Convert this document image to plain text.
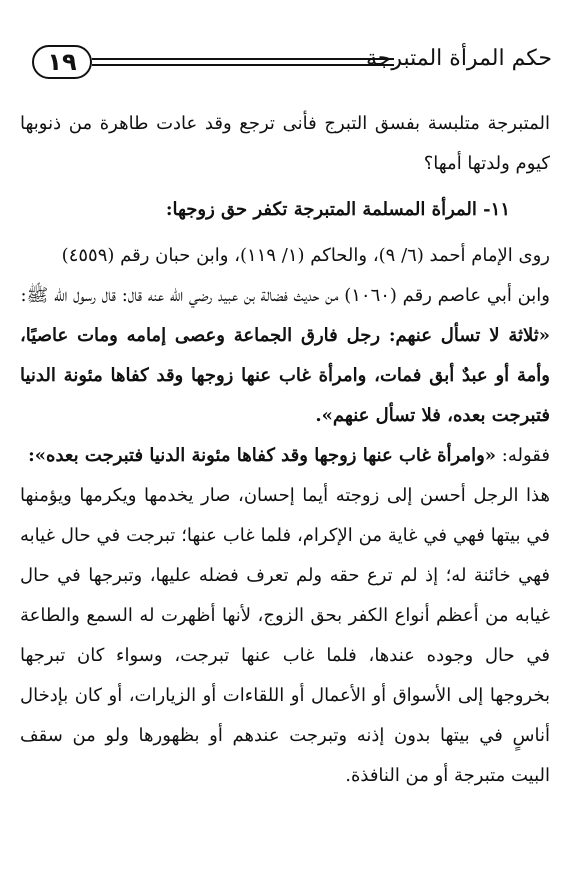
١٩	حكم المرأة المتبرجة

المتبرجة متلبسة بفسق التبرج فأنى ترجع وقد عادت طاهرة من ذنوبها كيوم ولدتها أمها؟

١١- المرأة المسلمة المتبرجة تكفر حق زوجها:

روى الإمام أحمد (٦/ ٩)، والحاكم (١/ ١١٩)، وابن حبان رقم (٤٥٥٩)

وابن أبي عاصم رقم (١٠٦٠) من حديث فضالة بن عبيد رضي الله عنه قال: قال رسول الله ﷺ:

«ثلاثة لا تسأل عنهم: رجل فارق الجماعة وعصى إمامه ومات عاصيًا، وأمة أو عبدٌ أبق فمات، وامرأة غاب عنها زوجها وقد كفاها مئونة الدنيا فتبرجت بعده، فلا تسأل عنهم».

فقوله: «وامرأة غاب عنها زوجها وقد كفاها مئونة الدنيا فتبرجت بعده»:

هذا الرجل أحسن إلى زوجته أيما إحسان، صار يخدمها ويكرمها ويؤمنها في بيتها فهي في غاية من الإكرام، فلما غاب عنها؛ تبرجت في حال غيابه فهي خائنة له؛ إذ لم ترع حقه ولم تعرف فضله عليها، وتبرجها في حال غيابه من أعظم أنواع الكفر بحق الزوج، لأنها أظهرت له السمع والطاعة في حال وجوده عندها، فلما غاب عنها تبرجت، وسواء كان تبرجها بخروجها إلى الأسواق أو الأعمال أو اللقاءات أو الزيارات، أو كان بإدخال أناسٍ في بيتها بدون إذنه وتبرجت عندهم أو بظهورها ولو من سقف البيت متبرجة أو من النافذة.
